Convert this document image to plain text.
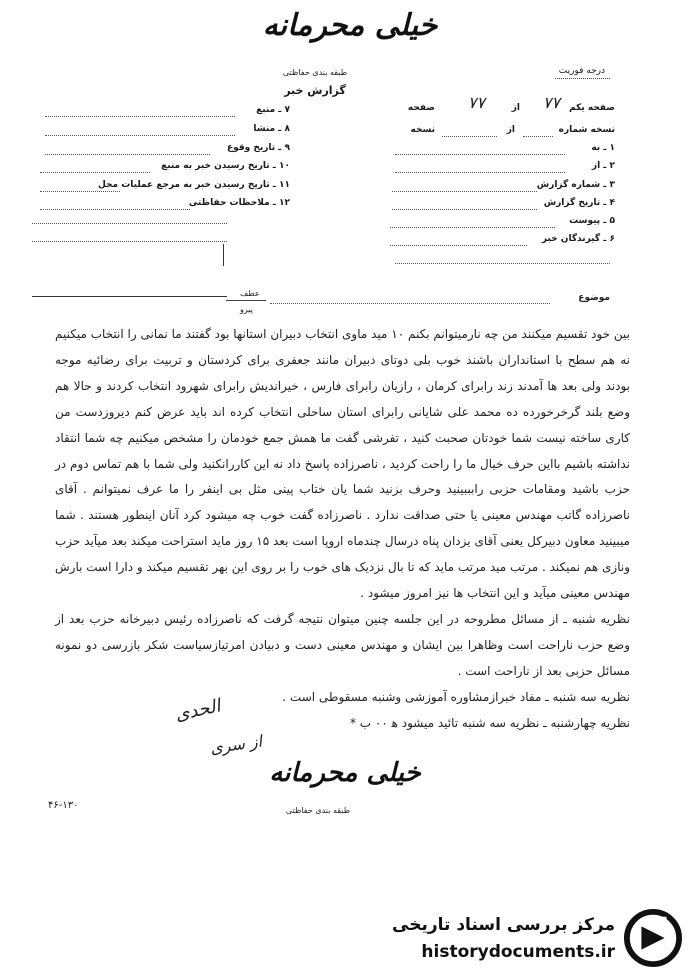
خیلی محرمانه
طبقه بندی حفاظتی	درجه فوریت
گزارش خبر
صفحه یکم
از
صفحه	۷۷
۷۷
نسخه شماره
از
نسخه
۱ ـ به
۲ ـ از
۳ ـ شماره گزارش
۴ ـ تاریخ گزارش
۵ ـ پیوست
۶ ـ گیرندگان خبر
۷ ـ منبع
۸ ـ منشا
۹ ـ تاریخ وقوع
۱۰ ـ تاریخ رسیدن خبر به منبع
۱۱ ـ تاریخ رسیدن خبر به مرجع عملیات محل
۱۲ ـ ملاحظات حفاظتی
موضوع
عطف
پیرو

بین خود تقسیم میکنند من چه نارمیتوانم بکنم ۱۰ مید ماوی انتخاب دبیران استانها بود گفتند ما نمانی را انتخاب میکنیم نه هم سطح با استانداران باشند خوب بلی دوتای دبیران مانند جعفری برای کردستان و تربیت برای رضائیه موجه بودند ولی بعد ها آمدند زند رابرای کرمان ، رازیان رابرای فارس ، خیراندیش رابرای شهرود انتخاب کردند و حالا هم وضع بلند گرخرخورده ده محمد علی شایانی رابرای استان ساحلی انتخاب کرده اند باید عرض کنم دیروزدست من کاری ساخته نیست شما خودتان صحبت کنید ، تفرشی گفت ما همش جمع خودمان را مشخص میکنیم چه شما انتقاد نداشته باشیم بااین حرف خیال ما را راحت کردید ، ناصرزاده پاسخ داد نه این کاررانکنید ولی شما با هم تماس دوم در حزب باشید ومقامات حزبی رابببینید وحرف بزنید شما یان ختاب پینی مثل بی اینفر را ما عرف نمیتوانم . آقای ناصرزاده گاتب مهندس معینی یا حتی صداقت ندارد . ناصرزاده گفت خوب چه میشود کرد آنان اینطور هستند . شما میبینید معاون دبیرکل یعنی آقای یزدان پناه درسال چندماه اروپا است بعد ۱۵ روز ماید استراحت میکند بعد میآید حزب ونازی هم نمیکند . مرتب مید مرتب ماید که تا بال نزدیک های خوب را بر روی این بهر تقسیم میکند و دارا است بارش مهندس معینی میآید و این انتخاب ها نیز امروز میشود .

نظریه شنبه ـ از مسائل مطروحه در این جلسه چنین میتوان نتیجه گرفت که ناصرزاده رئیس دبیرخانه حزب بعد از وضع حزب ناراحت است وظاهرا بین ایشان و مهندس معینی دست و دبیادن امرتیازسیاست شکر بازرسی دو نمونه مسائل حزبی بعد از ناراحت است .

نظریه سه شنبه ـ مفاد خبرازمشاوره آموزشی وشنبه مسقوطی است .

نظریه چهارشنبه ـ نظریه سه شنبه تائید میشود ه‍ ۰۰ ب *

الحدی
از سری
خیلی محرمانه
طبقه بندی حفاظتی
۴۶-۱۳۰
مرکز بررسی اسناد تاریخی
historydocuments.ir
